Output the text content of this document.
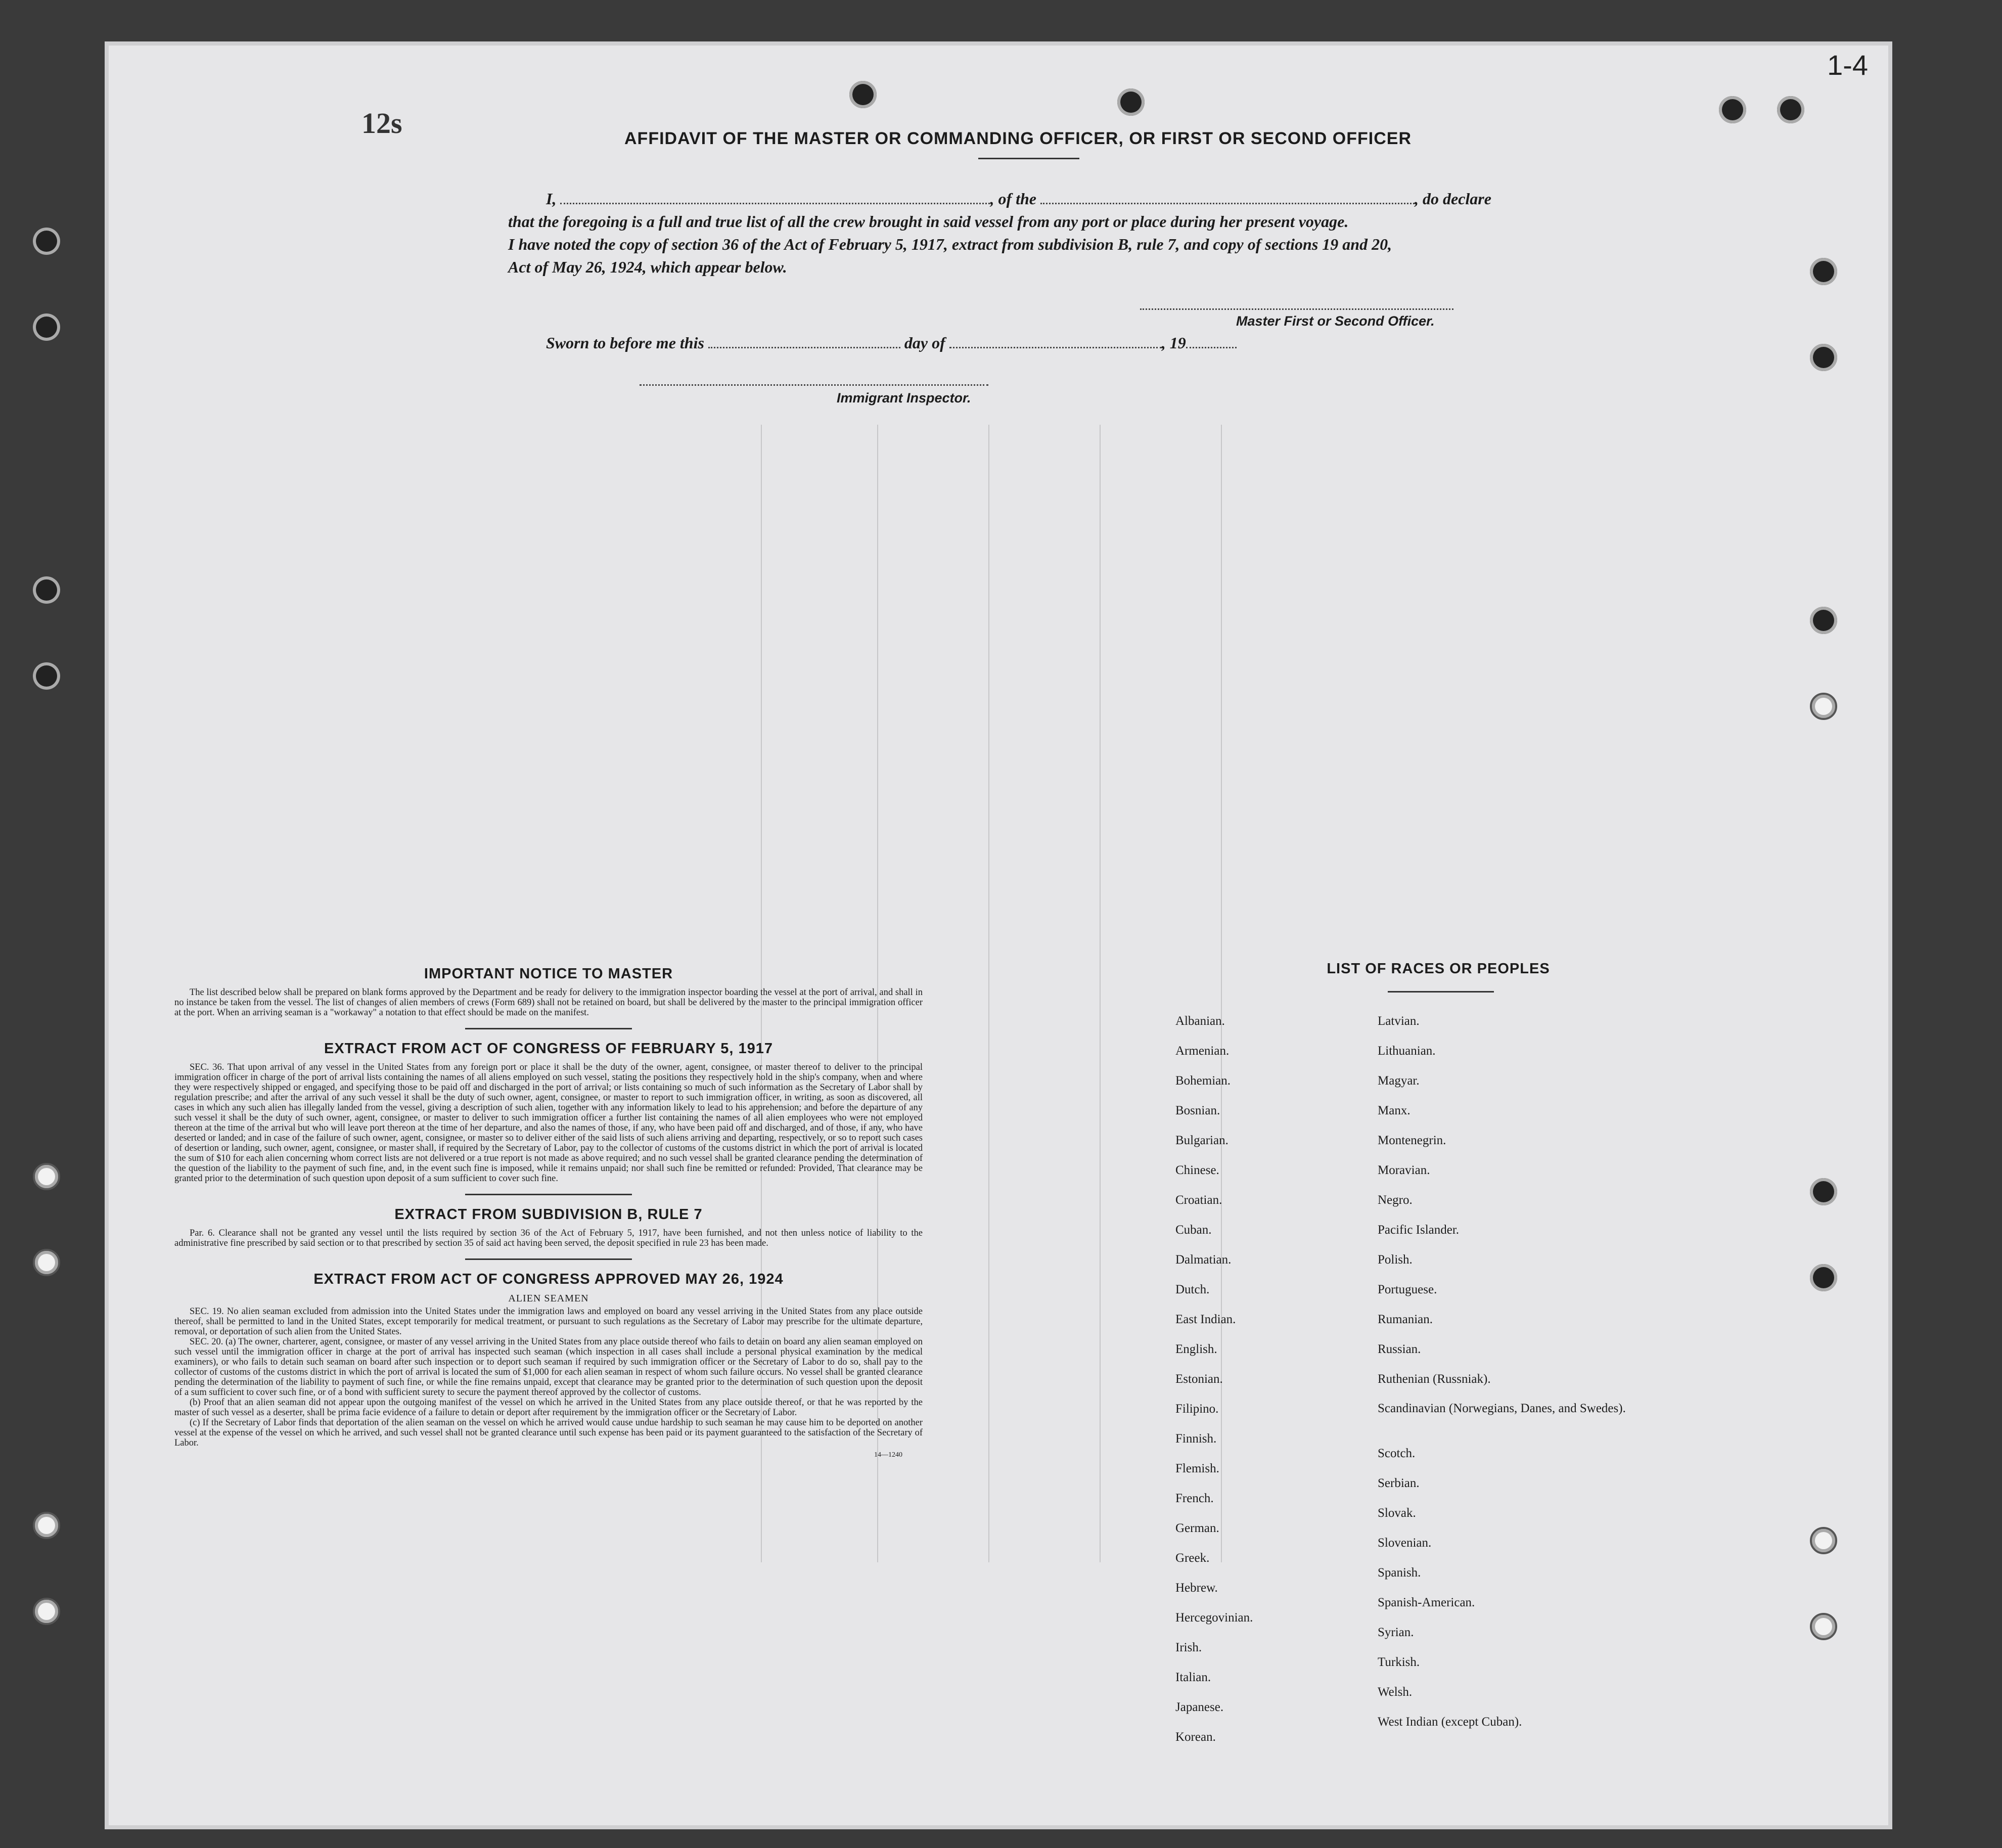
1-4
12s	AFFIDAVIT OF THE MASTER OR COMMANDING OFFICER, OR FIRST OR SECOND OFFICER
I,	, of the	, do declare
that the foregoing is a full and true list of all the crew brought in said vessel from any port or place during her present voyage.
I have noted the copy of section 36 of the Act of February 5, 1917, extract from subdivision B, rule 7, and copy of sections 19 and 20,
Act of May 26, 1924, which appear below.
Master First or Second Officer.
Sworn to before me this	day of	, 19
Immigrant Inspector.
IMPORTANT NOTICE TO MASTER

The list described below shall be prepared on blank forms approved by the Department and be ready for delivery to the immigration inspector boarding the vessel at the port of arrival, and shall in no instance be taken from the vessel. The list of changes of alien members of crews (Form 689) shall not be retained on board, but shall be delivered by the master to the principal immigration officer at the port. When an arriving seaman is a "workaway" a notation to that effect should be made on the manifest.

EXTRACT FROM ACT OF CONGRESS OF FEBRUARY 5, 1917

SEC. 36. That upon arrival of any vessel in the United States from any foreign port or place it shall be the duty of the owner, agent, consignee, or master thereof to deliver to the principal immigration officer in charge of the port of arrival lists containing the names of all aliens employed on such vessel, stating the positions they respectively hold in the ship's company, when and where they were respectively shipped or engaged, and specifying those to be paid off and discharged in the port of arrival; or lists containing so much of such information as the Secretary of Labor shall by regulation prescribe; and after the arrival of any such vessel it shall be the duty of such owner, agent, consignee, or master to report to such immigration officer, in writing, as soon as discovered, all cases in which any such alien has illegally landed from the vessel, giving a description of such alien, together with any information likely to lead to his apprehension; and before the departure of any such vessel it shall be the duty of such owner, agent, consignee, or master to deliver to such immigration officer a further list containing the names of all alien employees who were not employed thereon at the time of the arrival but who will leave port thereon at the time of her departure, and also the names of those, if any, who have been paid off and discharged, and of those, if any, who have deserted or landed; and in case of the failure of such owner, agent, consignee, or master so to deliver either of the said lists of such aliens arriving and departing, respectively, or so to report such cases of desertion or landing, such owner, agent, consignee, or master shall, if required by the Secretary of Labor, pay to the collector of customs of the customs district in which the port of arrival is located the sum of $10 for each alien concerning whom correct lists are not delivered or a true report is not made as above required; and no such vessel shall be granted clearance pending the determination of the question of the liability to the payment of such fine, and, in the event such fine is imposed, while it remains unpaid; nor shall such fine be remitted or refunded: Provided, That clearance may be granted prior to the determination of such question upon deposit of a sum sufficient to cover such fine.

EXTRACT FROM SUBDIVISION B, RULE 7

Par. 6. Clearance shall not be granted any vessel until the lists required by section 36 of the Act of February 5, 1917, have been furnished, and not then unless notice of liability to the administrative fine prescribed by said section or to that prescribed by section 35 of said act having been served, the deposit specified in rule 23 has been made.

EXTRACT FROM ACT OF CONGRESS APPROVED MAY 26, 1924
ALIEN SEAMEN

SEC. 19. No alien seaman excluded from admission into the United States under the immigration laws and employed on board any vessel arriving in the United States from any place outside thereof, shall be permitted to land in the United States, except temporarily for medical treatment, or pursuant to such regulations as the Secretary of Labor may prescribe for the ultimate departure, removal, or deportation of such alien from the United States.

SEC. 20. (a) The owner, charterer, agent, consignee, or master of any vessel arriving in the United States from any place outside thereof who fails to detain on board any alien seaman employed on such vessel until the immigration officer in charge at the port of arrival has inspected such seaman (which inspection in all cases shall include a personal physical examination by the medical examiners), or who fails to detain such seaman on board after such inspection or to deport such seaman if required by such immigration officer or the Secretary of Labor to do so, shall pay to the collector of customs of the customs district in which the port of arrival is located the sum of $1,000 for each alien seaman in respect of whom such failure occurs. No vessel shall be granted clearance pending the determination of the liability to payment of such fine, or while the fine remains unpaid, except that clearance may be granted prior to the determination of such question upon the deposit of a sum sufficient to cover such fine, or of a bond with sufficient surety to secure the payment thereof approved by the collector of customs.

(b) Proof that an alien seaman did not appear upon the outgoing manifest of the vessel on which he arrived in the United States from any place outside thereof, or that he was reported by the master of such vessel as a deserter, shall be prima facie evidence of a failure to detain or deport after requirement by the immigration officer or the Secretary of Labor.

(c) If the Secretary of Labor finds that deportation of the alien seaman on the vessel on which he arrived would cause undue hardship to such seaman he may cause him to be deported on another vessel at the expense of the vessel on which he arrived, and such vessel shall not be granted clearance until such expense has been paid or its payment guaranteed to the satisfaction of the Secretary of Labor.

14—1240
LIST OF RACES OR PEOPLES
Albanian.
Armenian.
Bohemian.
Bosnian.
Bulgarian.
Chinese.
Croatian.
Cuban.
Dalmatian.
Dutch.
East Indian.
English.
Estonian.
Filipino.
Finnish.
Flemish.
French.
German.
Greek.
Hebrew.
Hercegovinian.
Irish.
Italian.
Japanese.
Korean.
Latvian.
Lithuanian.
Magyar.
Manx.
Montenegrin.
Moravian.
Negro.
Pacific Islander.
Polish.
Portuguese.
Rumanian.
Russian.
Ruthenian (Russniak).
Scandinavian (Norwegians, Danes, and Swedes).
Scotch.
Serbian.
Slovak.
Slovenian.
Spanish.
Spanish-American.
Syrian.
Turkish.
Welsh.
West Indian (except Cuban).
